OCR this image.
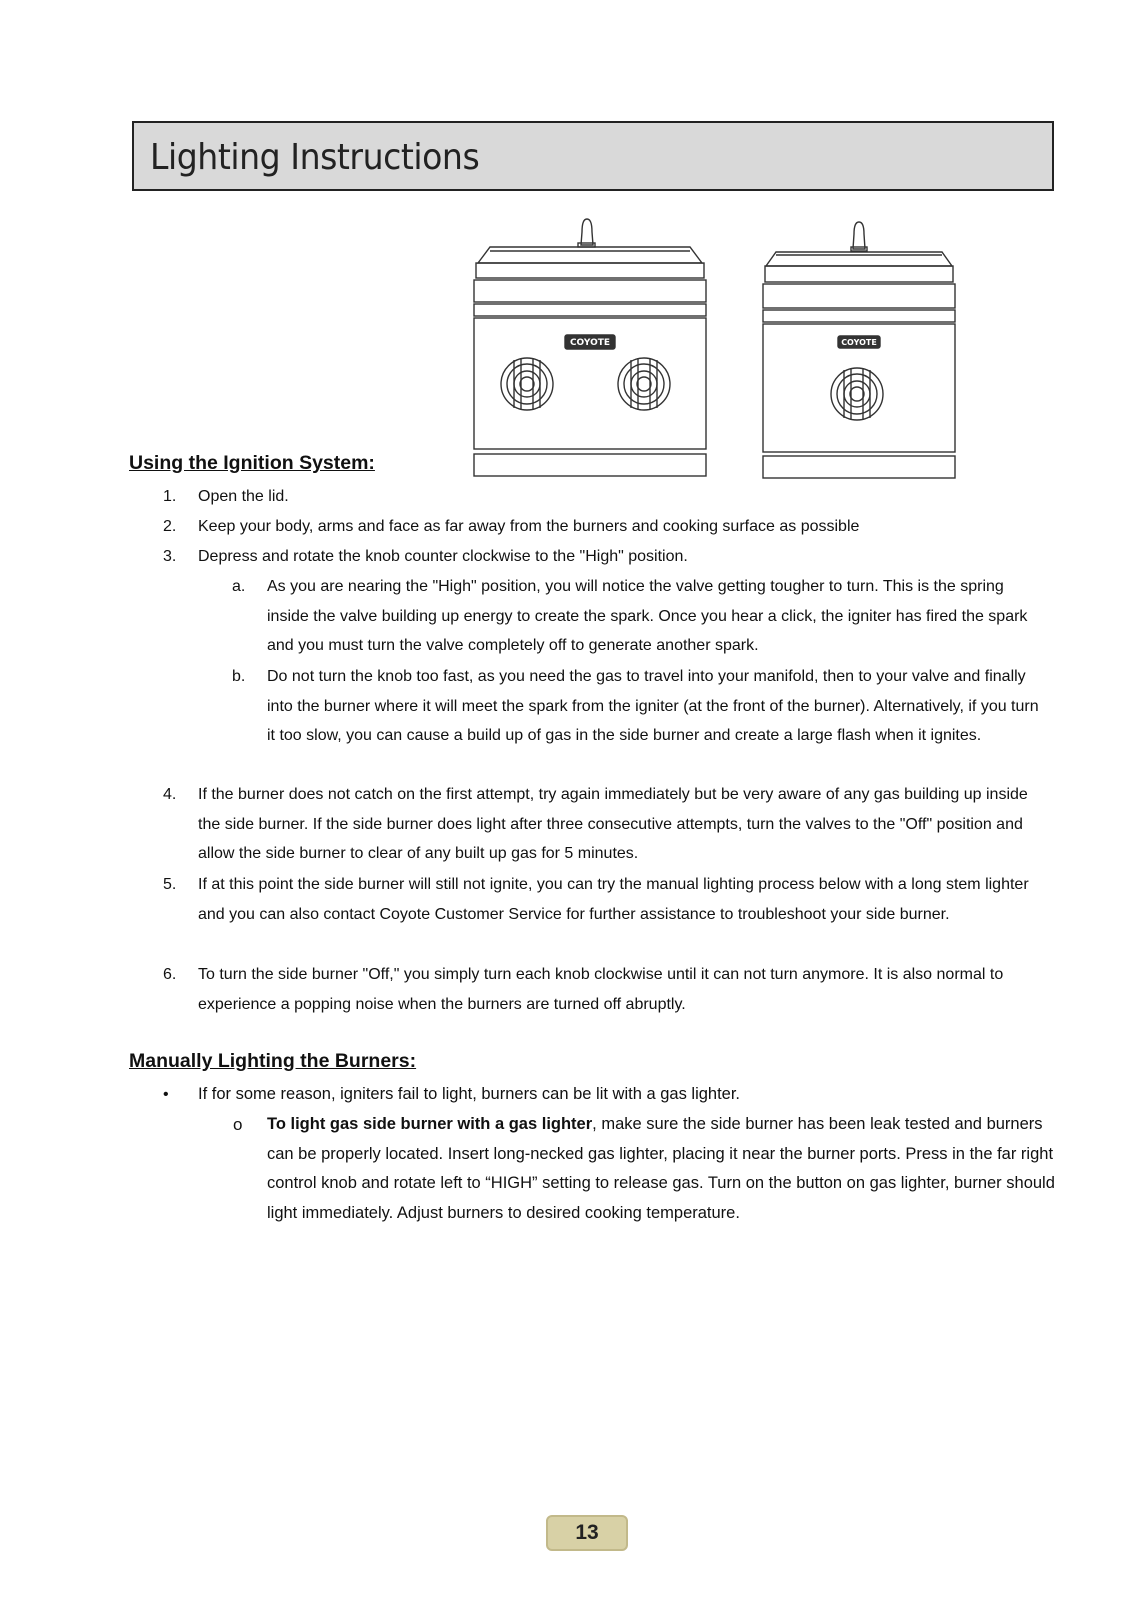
Lighting Instructions
COYOTE	COYOTE
Using the Ignition System:
1. Open the lid.
2. Keep your body, arms and face as far away from the burners and cooking surface as possible
3. Depress and rotate the knob counter clockwise to the "High" position.
a. As you are nearing the "High" position, you will notice the valve getting tougher to turn. This is the spring inside the valve building up energy to create the spark. Once you hear a click, the igniter has fired the spark and you must turn the valve completely off to generate another spark.
b. Do not turn the knob too fast, as you need the gas to travel into your manifold, then to your valve and finally into the burner where it will meet the spark from the igniter (at the front of the burner). Alternatively, if you turn it too slow, you can cause a build up of gas in the side burner and create a large flash when it ignites.
4. If the burner does not catch on the first attempt, try again immediately but be very aware of any gas building up inside the side burner. If the side burner does light after three consecutive attempts, turn the valves to the "Off" position and allow the side burner to clear of any built up gas for 5 minutes.
5. If at this point the side burner will still not ignite, you can try the manual lighting process below with a long stem lighter and you can also contact Coyote Customer Service for further assistance to troubleshoot your side burner.
6. To turn the side burner "Off," you simply turn each knob clockwise until it can not turn anymore. It is also normal to experience a popping noise when the burners are turned off abruptly.
Manually Lighting the Burners:
• If for some reason, igniters fail to light, burners can be lit with a gas lighter.
o To light gas side burner with a gas lighter, make sure the side burner has been leak tested and burners can be properly located. Insert long-necked gas lighter, placing it near the burner ports. Press in the far right control knob and rotate left to “HIGH” setting to release gas. Turn on the button on gas lighter, burner should light immediately. Adjust burners to desired cooking temperature.
13
